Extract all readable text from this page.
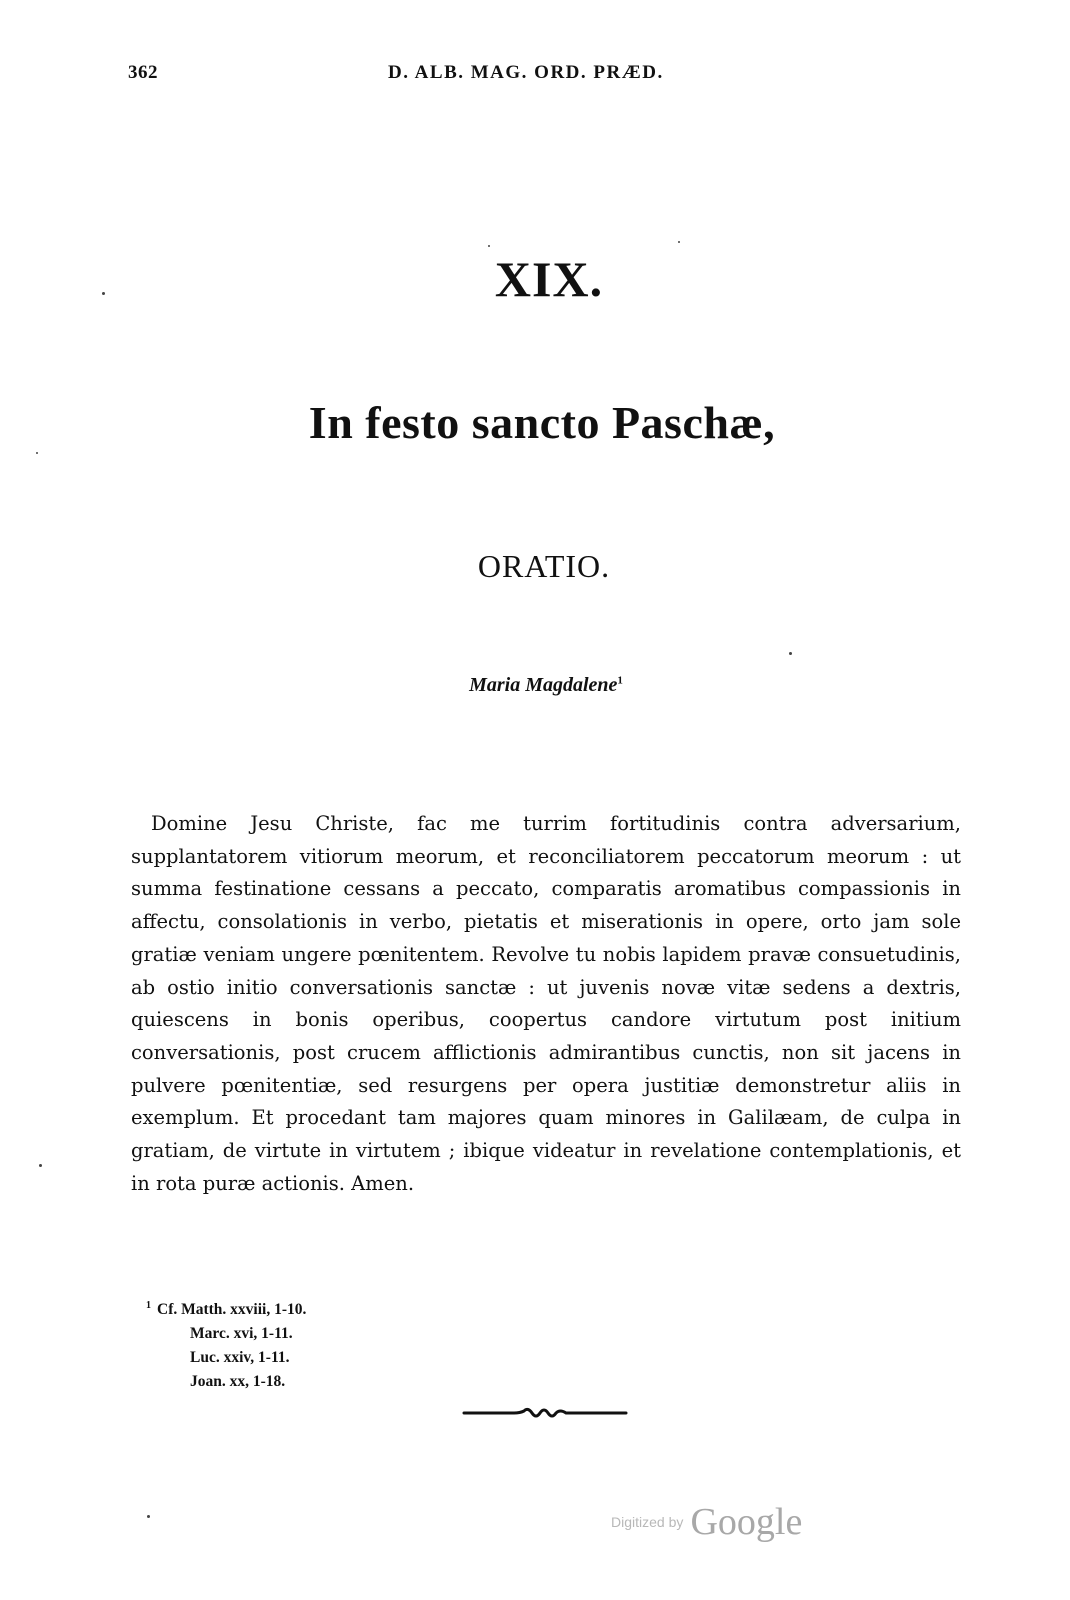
362	D. ALB. MAG. ORD. PRÆD.
XIX.
In festo sancto Paschæ,
ORATIO.
Maria Magdalene$^1$

Domine Jesu Christe, fac me turrim fortitudinis contra adversarium, supplantatorem vitiorum meorum, et reconciliatorem peccatorum meorum : ut summa festinatione cessans a peccato, comparatis aromatibus compassionis in affectu, consolationis in verbo, pietatis et miserationis in opere, orto jam sole gratiæ veniam ungere pœnitentem. Revolve tu nobis lapidem pravæ consuetudinis, ab ostio initio conversationis sanctæ : ut juvenis novæ vitæ sedens a dextris, quiescens in bonis operibus, coopertus candore virtutum post initium conversationis, post crucem afflictionis admirantibus cunctis, non sit jacens in pulvere pœnitentiæ, sed resurgens per opera justitiæ demonstretur aliis in exemplum. Et procedant tam majores quam minores in Galilæam, de culpa in gratiam, de virtute in virtutem ; ibique videatur in revelatione contemplationis, et in rota puræ actionis. Amen.

$^1$ Cf. Matth. xxviii, 1-10.
Marc. xvi, 1-11.
Luc. xxiv, 1-11.
Joan. xx, 1-18.
Digitized by Google
